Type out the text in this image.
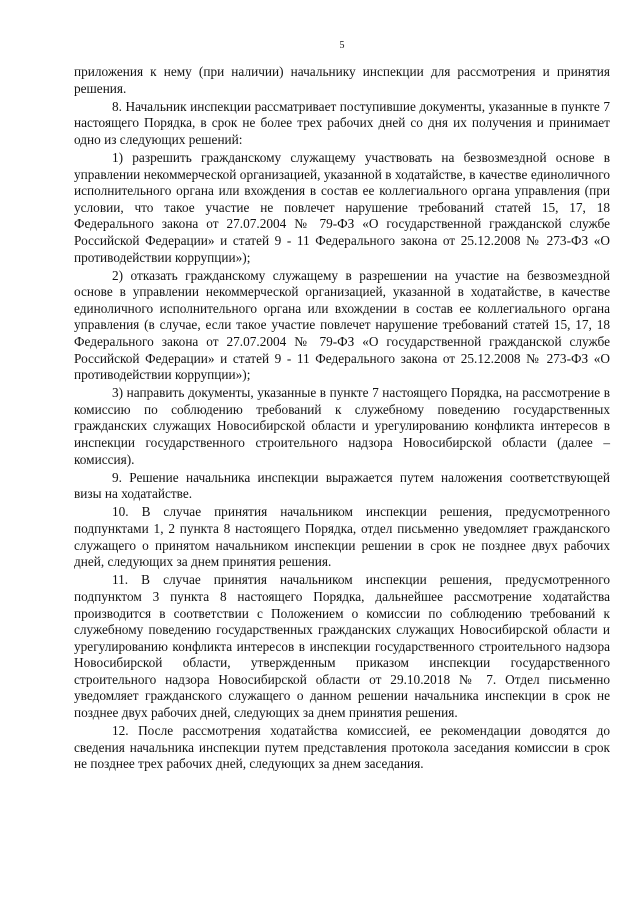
5

приложения к нему (при наличии) начальнику инспекции для рассмотрения и принятия решения.

8. Начальник инспекции рассматривает поступившие документы, указанные в пункте 7 настоящего Порядка, в срок не более трех рабочих дней со дня их получения и принимает одно из следующих решений:

1) разрешить гражданскому служащему участвовать на безвозмездной основе в управлении некоммерческой организацией, указанной в ходатайстве, в качестве единоличного исполнительного органа или вхождения в состав ее коллегиального органа управления (при условии, что такое участие не повлечет нарушение требований статей 15, 17, 18 Федерального закона от 27.07.2004 № 79-ФЗ «О государственной гражданской службе Российской Федерации» и статей 9 - 11 Федерального закона от 25.12.2008 № 273-ФЗ «О противодействии коррупции»);

2) отказать гражданскому служащему в разрешении на участие на безвозмездной основе в управлении некоммерческой организацией, указанной в ходатайстве, в качестве единоличного исполнительного органа или вхождении в состав ее коллегиального органа управления (в случае, если такое участие повлечет нарушение требований статей 15, 17, 18 Федерального закона от 27.07.2004 № 79-ФЗ «О государственной гражданской службе Российской Федерации» и статей 9 - 11 Федерального закона от 25.12.2008 № 273-ФЗ «О противодействии коррупции»);

3) направить документы, указанные в пункте 7 настоящего Порядка, на рассмотрение в комиссию по соблюдению требований к служебному поведению государственных гражданских служащих Новосибирской области и урегулированию конфликта интересов в инспекции государственного строительного надзора Новосибирской области (далее – комиссия).

9. Решение начальника инспекции выражается путем наложения соответствующей визы на ходатайстве.

10. В случае принятия начальником инспекции решения, предусмотренного подпунктами 1, 2 пункта 8 настоящего Порядка, отдел письменно уведомляет гражданского служащего о принятом начальником инспекции решении в срок не позднее двух рабочих дней, следующих за днем принятия решения.

11. В случае принятия начальником инспекции решения, предусмотренного подпунктом 3 пункта 8 настоящего Порядка, дальнейшее рассмотрение ходатайства производится в соответствии с Положением о комиссии по соблюдению требований к служебному поведению государственных гражданских служащих Новосибирской области и урегулированию конфликта интересов в инспекции государственного строительного надзора Новосибирской области, утвержденным приказом инспекции государственного строительного надзора Новосибирской области от 29.10.2018 № 7. Отдел письменно уведомляет гражданского служащего о данном решении начальника инспекции в срок не позднее двух рабочих дней, следующих за днем принятия решения.

12. После рассмотрения ходатайства комиссией, ее рекомендации доводятся до сведения начальника инспекции путем представления протокола заседания комиссии в срок не позднее трех рабочих дней, следующих за днем заседания.
